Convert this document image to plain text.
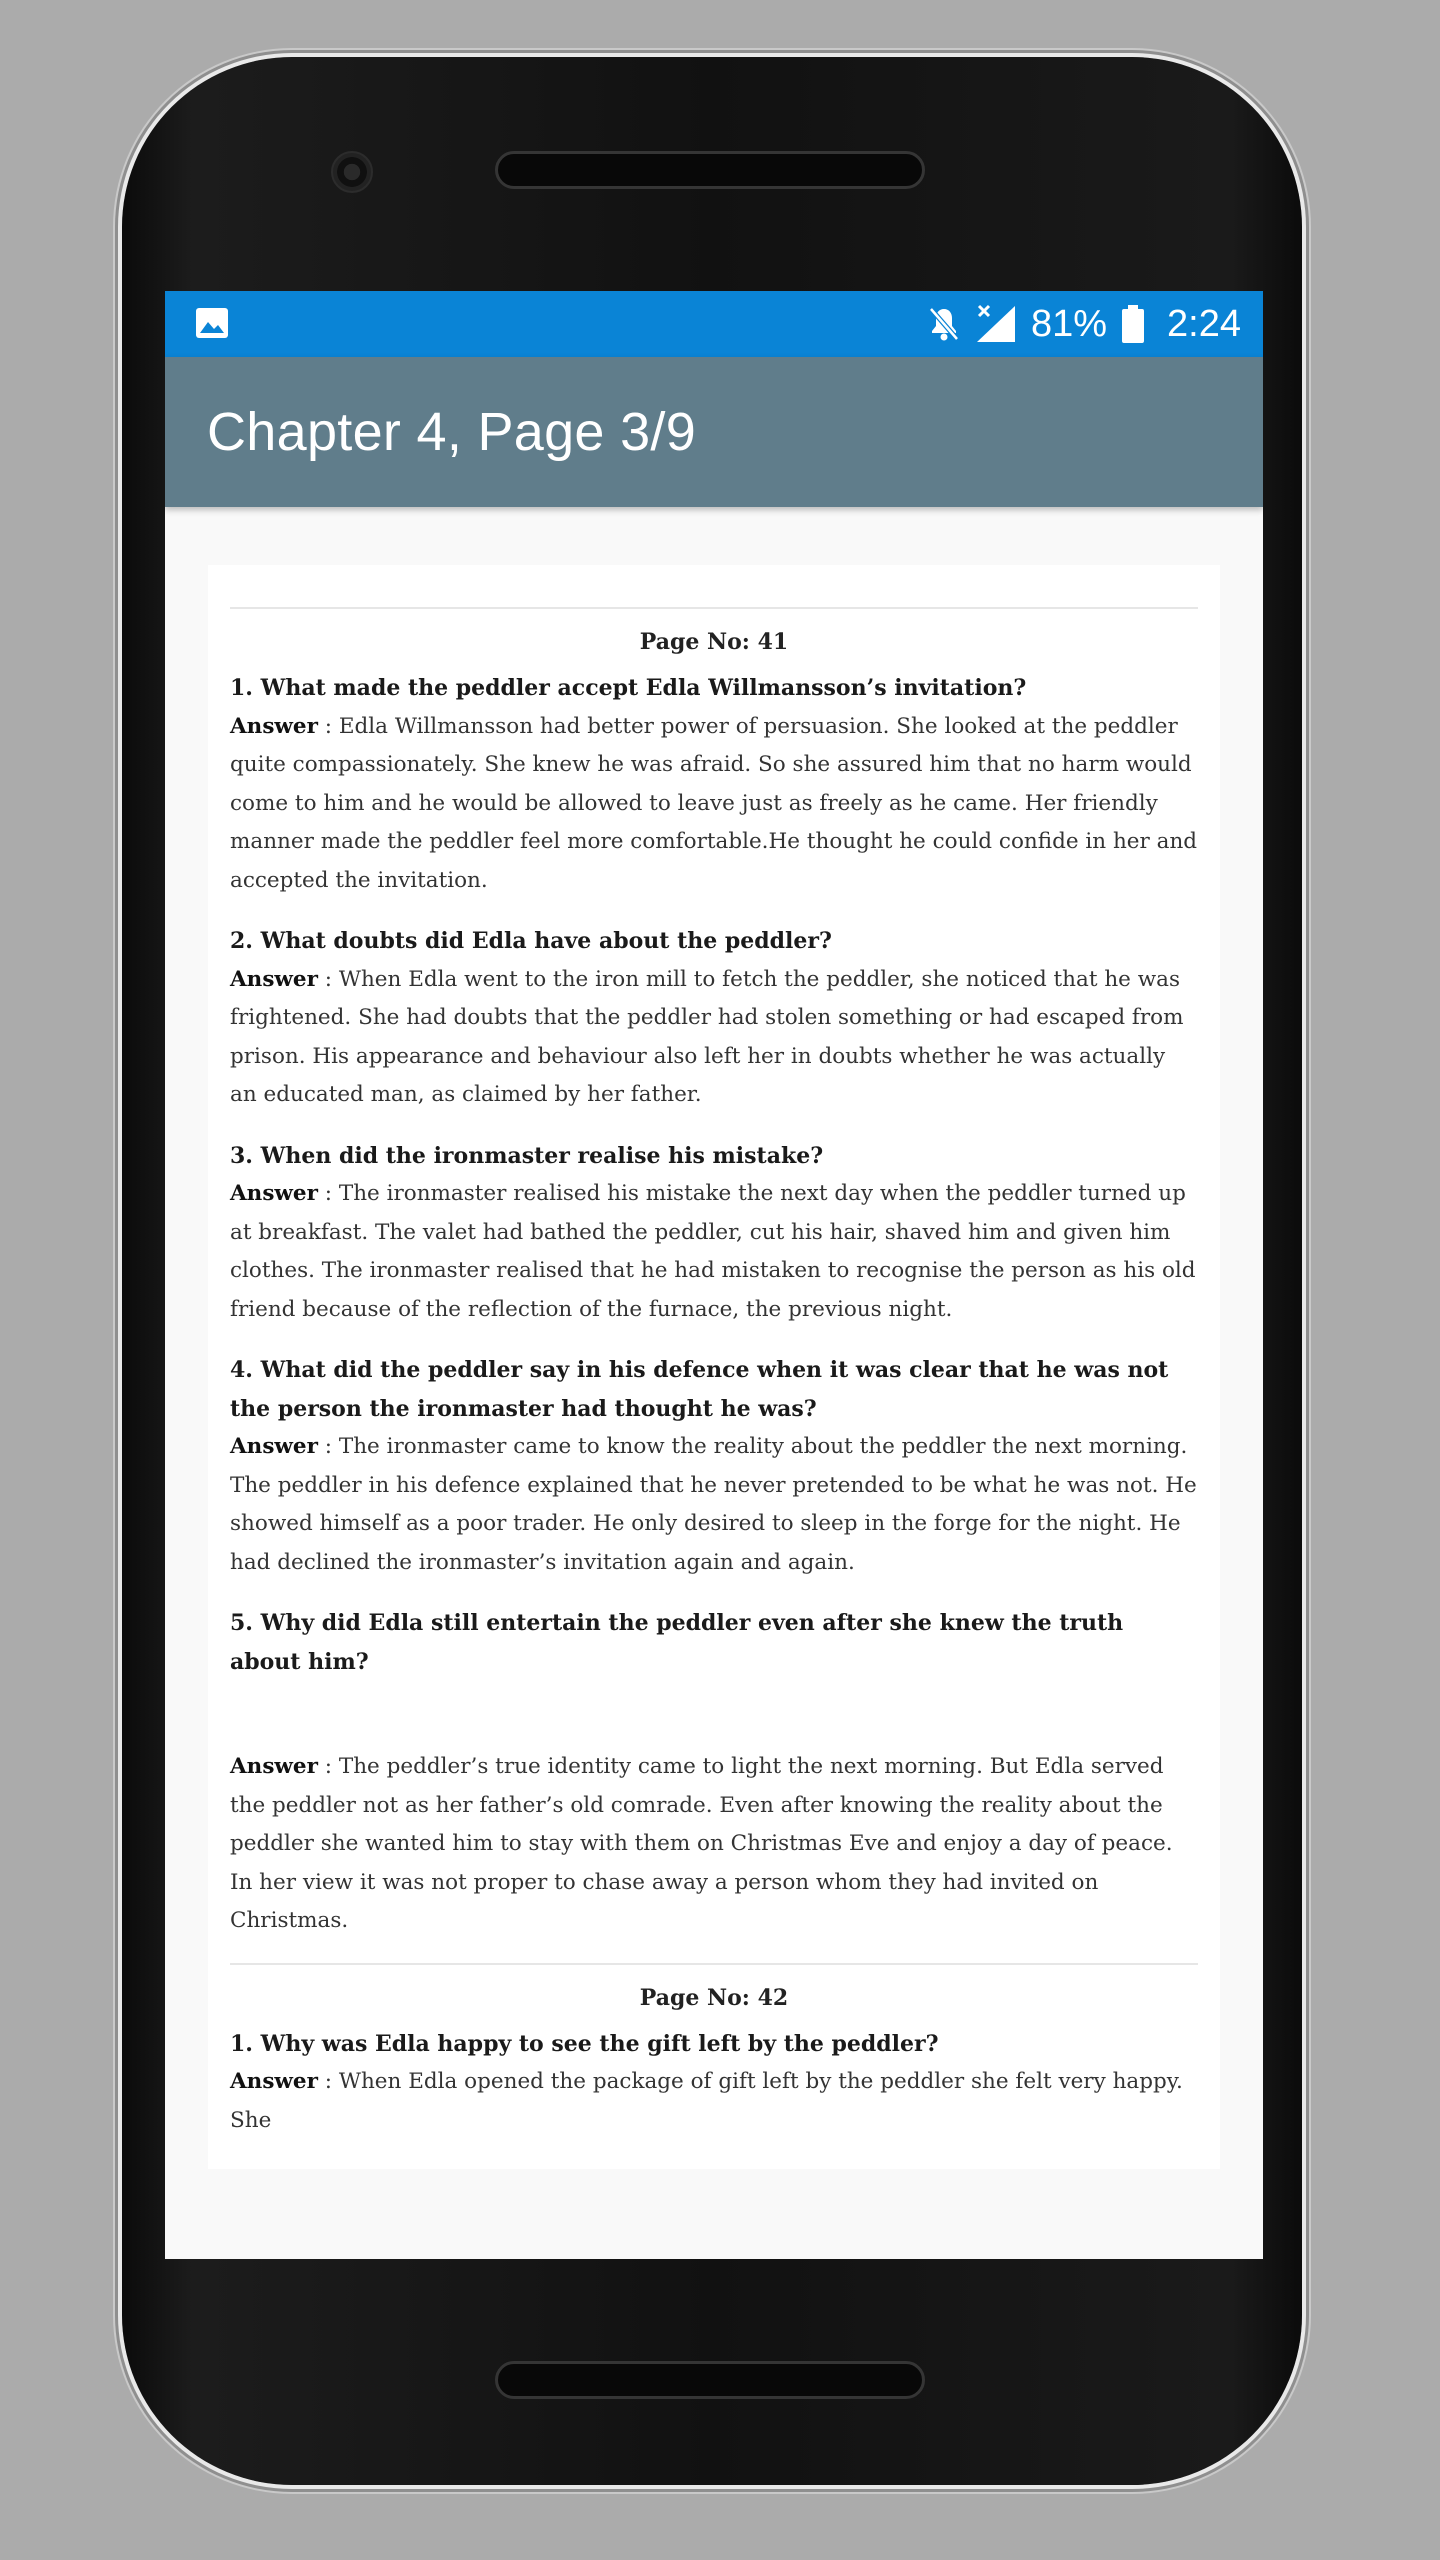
81% 2:24
Chapter 4, Page 3/9
Page No: 41
1. What made the peddler accept Edla Willmansson’s invitation?
Answer : Edla Willmansson had better power of persuasion. She looked at the peddler quite compassionately. She knew he was afraid. So she assured him that no harm would come to him and he would be allowed to leave just as freely as he came. Her friendly manner made the peddler feel more comfortable.He thought he could confide in her and accepted the invitation.
2. What doubts did Edla have about the peddler?
Answer : When Edla went to the iron mill to fetch the peddler, she noticed that he was frightened. She had doubts that the peddler had stolen something or had escaped from prison. His appearance and behaviour also left her in doubts whether he was actually an educated man, as claimed by her father.
3. When did the ironmaster realise his mistake?
Answer : The ironmaster realised his mistake the next day when the peddler turned up at breakfast. The valet had bathed the peddler, cut his hair, shaved him and given him clothes. The ironmaster realised that he had mistaken to recognise the person as his old friend because of the reflection of the furnace, the previous night.
4. What did the peddler say in his defence when it was clear that he was not the person the ironmaster had thought he was?
Answer : The ironmaster came to know the reality about the peddler the next morning. The peddler in his defence explained that he never pretended to be what he was not. He showed himself as a poor trader. He only desired to sleep in the forge for the night. He had declined the ironmaster’s invitation again and again.
5. Why did Edla still entertain the peddler even after she knew the truth about him?
Answer : The peddler’s true identity came to light the next morning. But Edla served the peddler not as her father’s old comrade. Even after knowing the reality about the peddler she wanted him to stay with them on Christmas Eve and enjoy a day of peace. In her view it was not proper to chase away a person whom they had invited on Christmas.
Page No: 42
1. Why was Edla happy to see the gift left by the peddler?
Answer : When Edla opened the package of gift left by the peddler she felt very happy. She
